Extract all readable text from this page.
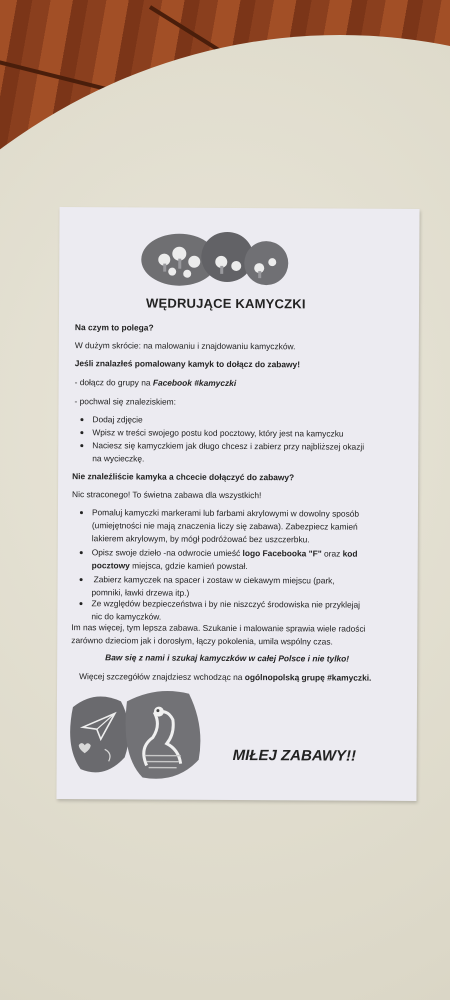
WĘDRUJĄCE KAMYCZKI
Na czym to polega?
W dużym skrócie: na malowaniu i znajdowaniu kamyczków.
Jeśli znalazłeś pomalowany kamyk to dołącz do zabawy!
- dołącz do grupy na Facebook #kamyczki
- pochwal się znaleziskiem:
Dodaj zdjęcie
Wpisz w treści swojego postu kod pocztowy, który jest na kamyczku
Naciesz się kamyczkiem jak długo chcesz i zabierz przy najbliższej okazji
na wycieczkę.
Nie znaleźliście kamyka a chcecie dołączyć do zabawy?
Nic straconego! To świetna zabawa dla wszystkich!
Pomaluj kamyczki markerami lub farbami akrylowymi w dowolny sposób
(umiejętności nie mają znaczenia liczy się zabawa). Zabezpiecz kamień
lakierem akrylowym, by mógł podróżować bez uszczerbku.
Opisz swoje dzieło -na odwrocie umieść logo Facebooka "F" oraz kod
pocztowy miejsca, gdzie kamień powstał.
Zabierz kamyczek na spacer i zostaw w ciekawym miejscu (park,
pomniki, ławki drzewa itp.)
Ze względów bezpieczeństwa i by nie niszczyć środowiska nie przyklejaj
nic do kamyczków.
Im nas więcej, tym lepsza zabawa. Szukanie i malowanie sprawia wiele radości
zarówno dzieciom jak i dorosłym, łączy pokolenia, umila wspólny czas.
Baw się z nami i szukaj kamyczków w całej Polsce i nie tylko!
Więcej szczegółów znajdziesz wchodząc na ogólnopolską grupę #kamyczki.
MIŁEJ ZABAWY!!
